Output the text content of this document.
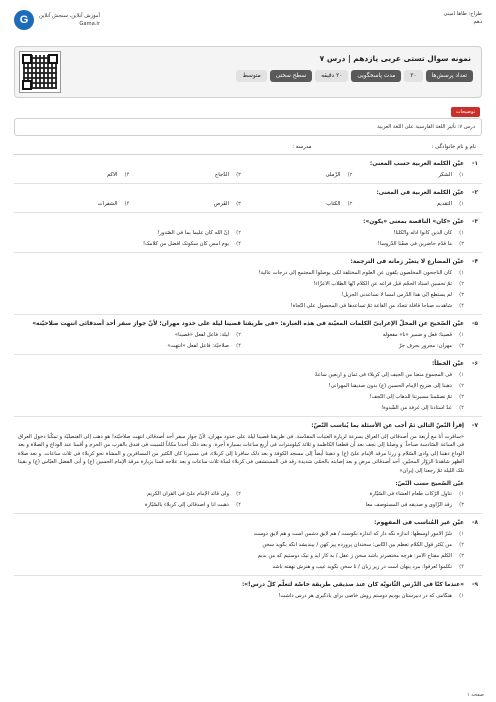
طراح: طاها امینی
دهم
آموزش آنلاین، سنجش آنلاین
Gama.ir
G
نمونه سوال تستی عربی یازدهم | درس ۷
تعداد پرسش‌ها
۲۰
مدت پاسخگویی
۲۰ دقیقه
سطح سختی
متوسط
توضیحات
درس ۷: تأثیر اللغة الفارسیة علی اللغة العربیة
نام و نام خانوادگی :
مدرسه :
۱-
عیّن الکلمة العربیة حسب المعنی:
۱)
الشکر
۲)
الزّملی
۳)
الدّجاج
۴)
الأکم
۲-
عیّن الکلمة العربیة فی المعنی:
۱)
التقدیم
۲)
الکتاب
۳)
الفُرص
۴)
الشفرات
۳-
عیّن «کان» الناقصة بمعنی «یکون»:
۱)
کان الّذین کانوا أذلّه واتّکلنا!
۲)
إنّ الله کان علیماً بما فی الصّدور!
۳)
ما قدّم حاضرین فی صفّنا الدّروسا!
۴)
یوم أُمس کان سکوتک أفضل من کلامک!
۴-
عیّن المضارع لا یتغیّر زمانه فی الترجمة:
۱)
کان الناجحون المخلصون یتّقون عن العلوم المختلفة لکی یوصلوا المجتمع إلی درجات عالیة!
۲)
ثمّ تحسین أستاذ الحجّم قبل فراغه عن الکلام أیّها الطّلّاب الأعزّاء!
۳)
لم یستطع أیّی هذا الدّرس أمساً لا تساعدنی الجزیل!
۴)
شاهدت صباحاً قافلة تتعدّد من القاعة ثمّ تساعدها فی المحصول علی النّجاة!
۵-
عیّن الصّحیح عن المحلّ الإعرابیّ الکلمات المعیّنة فی هذه العبارة: «فی طریقنا قصینا لیلة علی حدود مهران؛ لأنّ جواز سفر أحد أصدقائی انتهت صلاحیّته»
۱)
قصینا: فعل و ضمیر «نا» مفعوله
۲)
لیلة: فاعل لفعل «قصینا»
۳)
مهران: مجرور بحرف جرّ
۴)
صلاحیّة: فاعل لفعل «انتهت»
۶-
عیّن الخطأ:
۱)
فی المجموع منعنا من الجیف إلی کربلاء فی ثمان و أربعین ساعةً
۲)
ذهبنا إلی ضریح الإمام الحسین (ع) بدون صدیقنا المهرانی!
۳)
ثمّ تصمّمنا مسیرتنا للّذهاب إلی النّجف!
۴)
عدّ أستاذنا إلی غرفة من الشّدوة!
۷-
إقرأ النّصّ التالی ثمّ أجب عن الأسئلة بما یُناسب النّصّ:
«سافرت أنا مع أربعة من أصدقائی إلی العراق بسرعة لزیارة العتبات المقدّسة. فی طریقنا قصینا لیلة علی حدود مهران، لأنّ جواز سفر أحد أصدقائی انتهت صلاحیّته! هو ذهب إلی القنصلیّة و تمکّنا دخول العراق فی الساعة السّادسة صباحاً. و وصلنا إلی نجف بعد أن قطعنا الکاظمة و ثلاثة کیلومترات فی أربع ساعات بسیارة أجرة. و بعد ذلک أخذنا مکاناً للمبیت فی فندق بالقرب من الحرم و أقمنا عند الوداع و الصلاة و بعد الوداع ذهبنا إلی وادی السّلام و زرنا مرقد الإمام علیّ (ع) و ذهبنا أیضاً إلی مسجد الکوفة و بعد ذلک سافرنا إلی کربلاء، فی مسیرنا کان الکثیر من المسافرین و المشاة نحو کربلاء فی ثلاث ساعات. و بعد صلاة الظهر شاهدنا الزوّار المحبّین. أحد أصدقائی مرض و بعد إصابته بالحمّی شدیدة رقد فی المستشفی فی کربلاء لمدّة ثلاث ساعات و بعد علاجه قمنا بزیارة مرقد الإمام الحسین (ع) و أبی الفضل العبّاس (ع) و بقینا تلک اللیلة ثمّ رجعنا إلی إیران»
عیّن الصّحیح حسب النّصّ:
۱)
تناول الرّکّاب طعام العشاء فی السّیّارة
۲)
ولّی قائد الإمام علیّ فی القرآن الکریم
۳)
رقد الزّاوی و صدیقه فی المستوصف معاً
۴)
ذهبت أنا و أصدقائی إلی کربلاء بالسّیّارة
۸-
عیّن غیر المُناسب فی المفهوم:
۱)
شَرّ الأمور أوسطها: اندازه نگه دار که اندازه نکوست / هم لایق دشمن است و هم لایق دوست
۲)
من یُکثر قول الکلام تعظم بین النّاس: سخندان پرورده پیر کهن / بیندیشد آنگه بگوید سخن
۳)
الکلم مفتاح الأمر: هرچه مختصرتر باشد سخن ز عقل / به کار آید و نیک دوستیم که من بدیم
۴)
تکلّموا تُعرفوا: مرد پنهان است در زیر زبان / تا سخن نگوید عیب و هنرش نهفته باشد
۹-
«عندما کنّا فی الدّرس الثّانویّة کان عند صدیقی طریقة خاصّة لتعلّم کلّ درس!»:
۱)
هنگامی که در دبیرستان بودیم دوستم روش خاصی برای یادگیری هر درس داشت!
صفحه ۱
